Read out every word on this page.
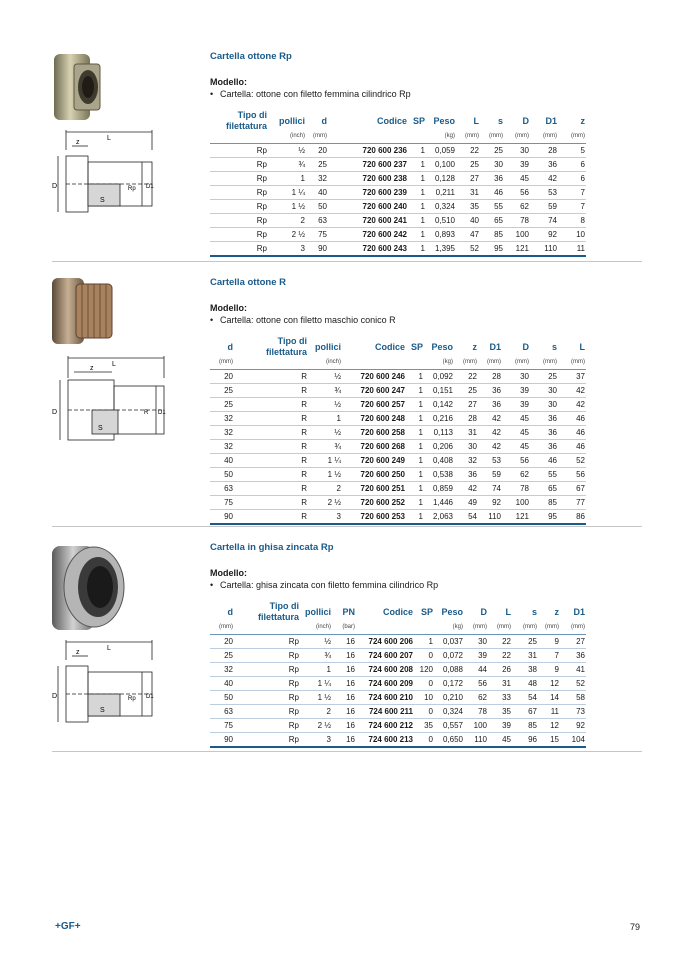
L
z
D
S
Rp D1
Cartella ottone Rp
Modello:
• Cartella: ottone con filetto femmina cilindrico Rp
Tipo di filettatura	pollici	d	Codice	SP	Peso	L	s	D	D1	z
	(inch)	(mm)			(kg)	(mm)	(mm)	(mm)	(mm)	(mm)
Rp	½	20	720 600 236	1	0,059	22	25	30	28	5
Rp	¾	25	720 600 237	1	0,100	25	30	39	36	6
Rp	1	32	720 600 238	1	0,128	27	36	45	42	6
Rp	1 ¼	40	720 600 239	1	0,211	31	46	56	53	7
Rp	1 ½	50	720 600 240	1	0,324	35	55	62	59	7
Rp	2	63	720 600 241	1	0,510	40	65	78	74	8
Rp	2 ½	75	720 600 242	1	0,893	47	85	100	92	10
Rp	3	90	720 600 243	1	1,395	52	95	121	110	11
L
z
D
S
R D1
Cartella ottone R
Modello:
• Cartella: ottone con filetto maschio conico R
d	Tipo di filettatura	pollici	Codice	SP	Peso	z	D1	D	s	L
(mm)		(inch)			(kg)	(mm)	(mm)	(mm)	(mm)	(mm)
20	R	½	720 600 246	1	0,092	22	28	30	25	37
25	R	¾	720 600 247	1	0,151	25	36	39	30	42
25	R	½	720 600 257	1	0,142	27	36	39	30	42
32	R	1	720 600 248	1	0,216	28	42	45	36	46
32	R	½	720 600 258	1	0,113	31	42	45	36	46
32	R	¾	720 600 268	1	0,206	30	42	45	36	46
40	R	1 ¼	720 600 249	1	0,408	32	53	56	46	52
50	R	1 ½	720 600 250	1	0,538	36	59	62	55	56
63	R	2	720 600 251	1	0,859	42	74	78	65	67
75	R	2 ½	720 600 252	1	1,446	49	92	100	85	77
90	R	3	720 600 253	1	2,063	54	110	121	95	86
L
z
D
S
Rp D1
Cartella in ghisa zincata Rp
Modello:
• Cartella: ghisa zincata con filetto femmina cilindrico Rp
d	Tipo di filettatura	pollici	PN	Codice	SP	Peso	D	L	s	z	D1
(mm)		(inch)	(bar)			(kg)	(mm)	(mm)	(mm)	(mm)	(mm)
20	Rp	½	16	724 600 206	1	0,037	30	22	25	9	27
25	Rp	¾	16	724 600 207	0	0,072	39	22	31	7	36
32	Rp	1	16	724 600 208	120	0,088	44	26	38	9	41
40	Rp	1 ¼	16	724 600 209	0	0,172	56	31	48	12	52
50	Rp	1 ½	16	724 600 210	10	0,210	62	33	54	14	58
63	Rp	2	16	724 600 211	0	0,324	78	35	67	11	73
75	Rp	2 ½	16	724 600 212	35	0,557	100	39	85	12	92
90	Rp	3	16	724 600 213	0	0,650	110	45	96	15	104
+GF+	79
